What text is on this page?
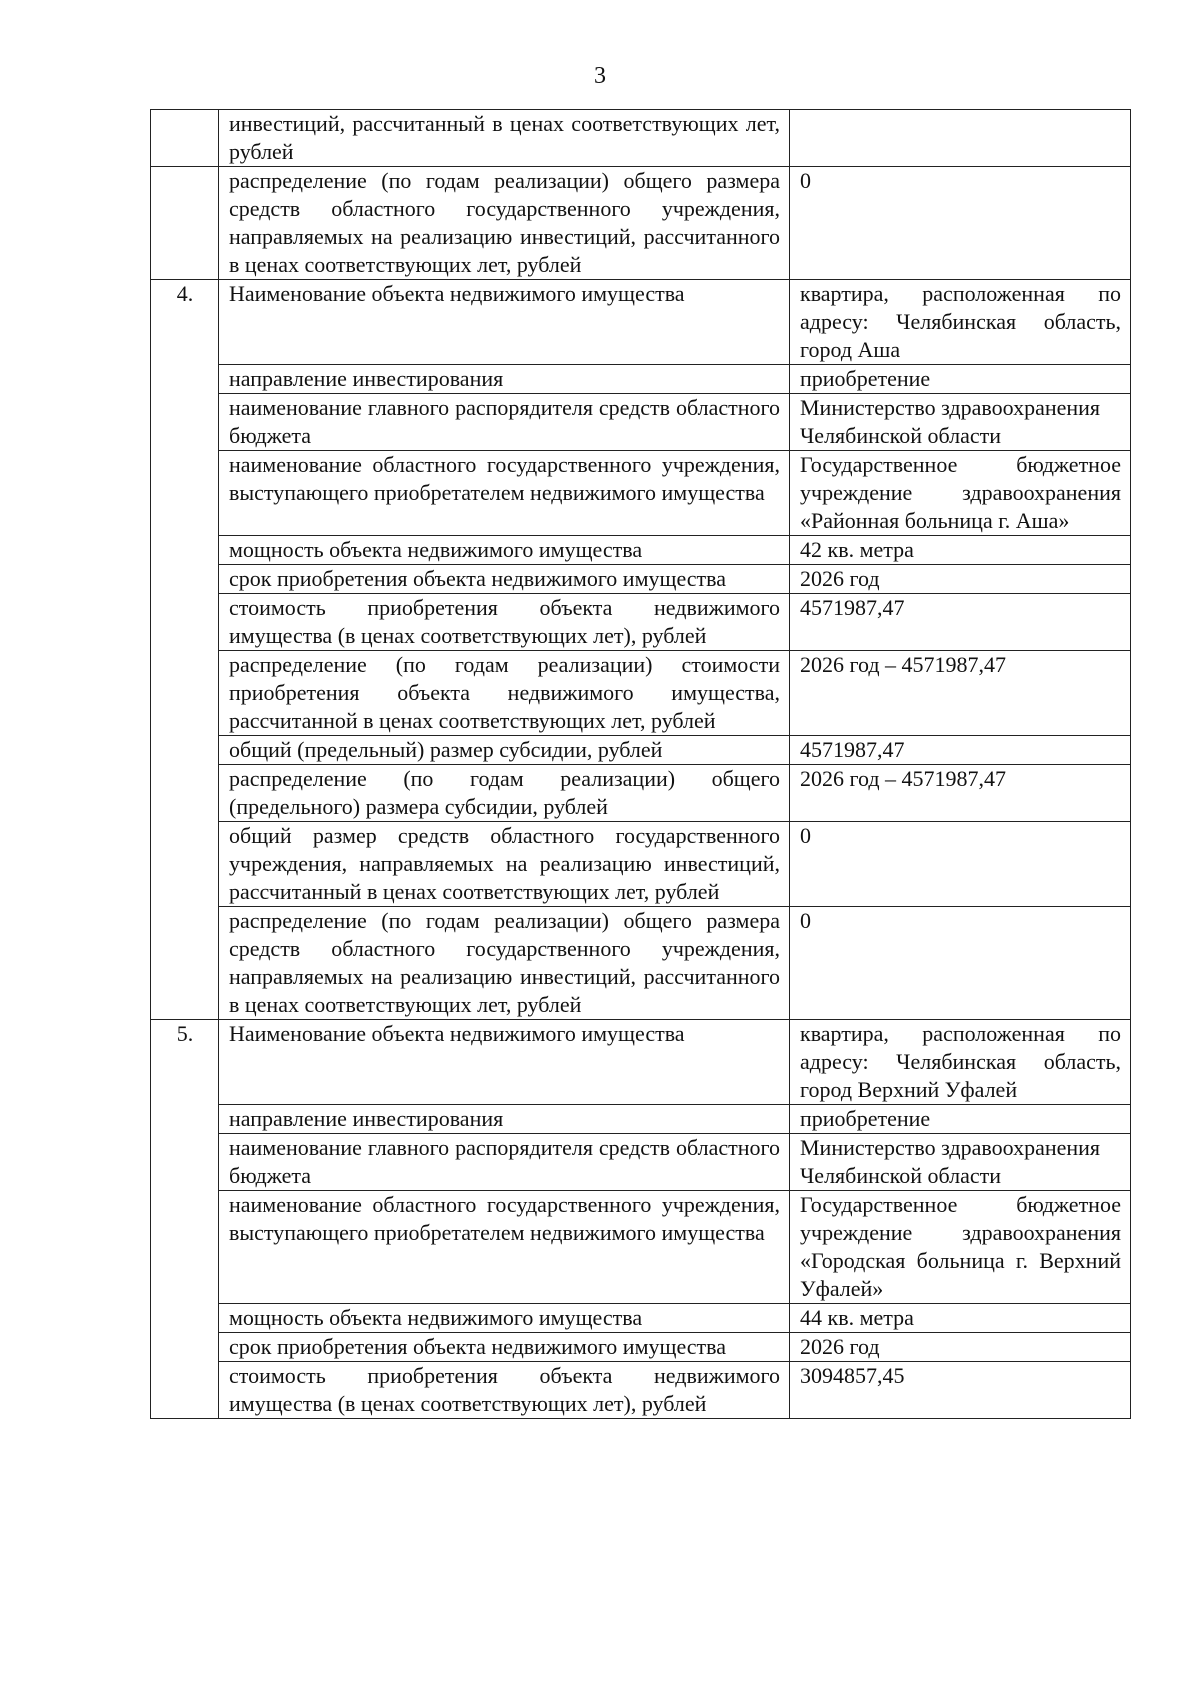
3
	инвестиций, рассчитанный в ценах соответствующих лет, рублей	
	распределение (по годам реализации) общего размера средств областного государственного учреждения, направляемых на реализацию инвестиций, рассчитанного в ценах соответствующих лет, рублей	0
4.	Наименование объекта недвижимого имущества	квартира, расположенная по адресу: Челябинская область, город Аша
	направление инвестирования	приобретение
	наименование главного распорядителя средств областного бюджета	Министерство здравоохранения Челябинской области
	наименование областного государственного учреждения, выступающего приобретателем недвижимого имущества	Государственное бюджетное учреждение здравоохранения «Районная больница г. Аша»
	мощность объекта недвижимого имущества	42 кв. метра
	срок приобретения объекта недвижимого имущества	2026 год
	стоимость приобретения объекта недвижимого имущества (в ценах соответствующих лет), рублей	4571987,47
	распределение (по годам реализации) стоимости приобретения объекта недвижимого имущества, рассчитанной в ценах соответствующих лет, рублей	2026 год – 4571987,47
	общий (предельный) размер субсидии, рублей	4571987,47
	распределение (по годам реализации) общего (предельного) размера субсидии, рублей	2026 год – 4571987,47
	общий размер средств областного государственного учреждения, направляемых на реализацию инвестиций, рассчитанный в ценах соответствующих лет, рублей	0
	распределение (по годам реализации) общего размера средств областного государственного учреждения, направляемых на реализацию инвестиций, рассчитанного в ценах соответствующих лет, рублей	0
5.	Наименование объекта недвижимого имущества	квартира, расположенная по адресу: Челябинская область, город Верхний Уфалей
	направление инвестирования	приобретение
	наименование главного распорядителя средств областного бюджета	Министерство здравоохранения Челябинской области
	наименование областного государственного учреждения, выступающего приобретателем недвижимого имущества	Государственное бюджетное учреждение здравоохранения «Городская больница г. Верхний Уфалей»
	мощность объекта недвижимого имущества	44 кв. метра
	срок приобретения объекта недвижимого имущества	2026 год
	стоимость приобретения объекта недвижимого имущества (в ценах соответствующих лет), рублей	3094857,45
